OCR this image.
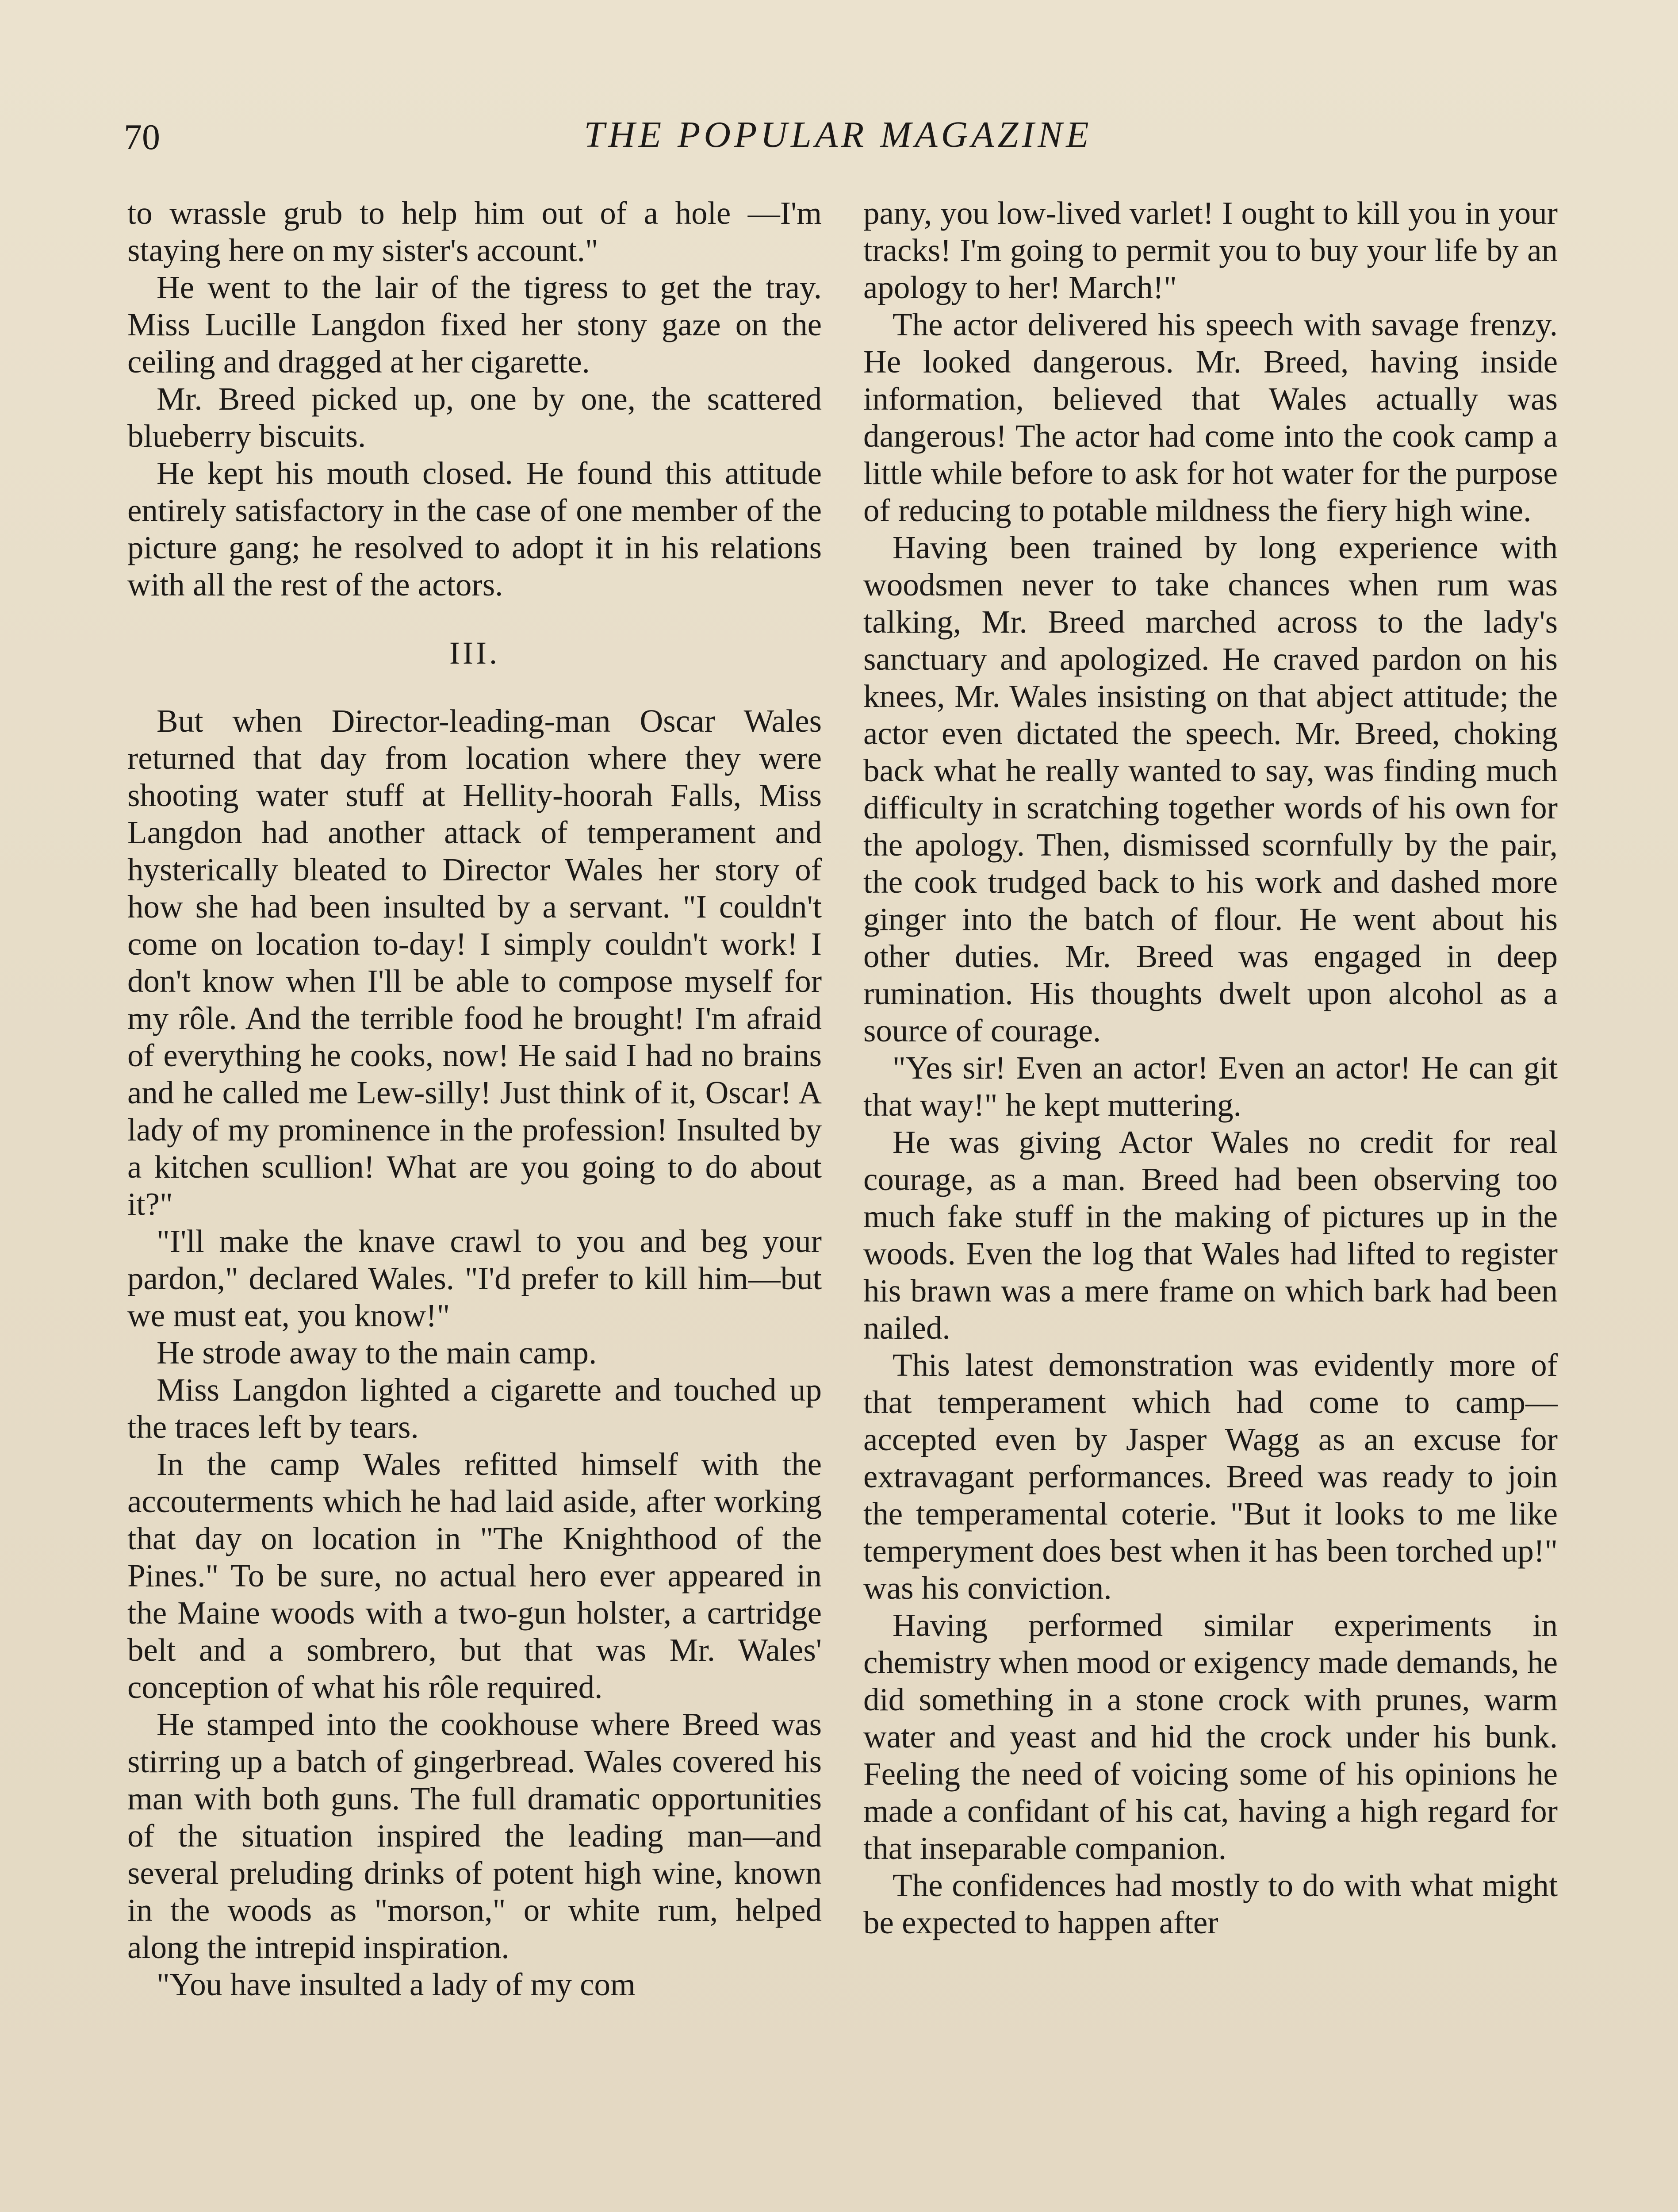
70	THE POPULAR MAGAZINE

to wrassle grub to help him out of a hole —I'm staying here on my sister's account."

He went to the lair of the tigress to get the tray. Miss Lucille Langdon fixed her stony gaze on the ceiling and dragged at her cigarette.

Mr. Breed picked up, one by one, the scattered blueberry biscuits.

He kept his mouth closed. He found this attitude entirely satisfactory in the case of one member of the picture gang; he resolved to adopt it in his relations with all the rest of the actors.

III.

But when Director-leading-man Oscar Wales returned that day from location where they were shooting water stuff at Hellity-hoorah Falls, Miss Langdon had another attack of temperament and hysterically bleated to Director Wales her story of how she had been insulted by a servant. "I couldn't come on location to-day! I simply couldn't work! I don't know when I'll be able to compose myself for my rôle. And the terrible food he brought! I'm afraid of everything he cooks, now! He said I had no brains and he called me Lew-silly! Just think of it, Oscar! A lady of my prominence in the profession! Insulted by a kitchen scullion! What are you going to do about it?"

"I'll make the knave crawl to you and beg your pardon," declared Wales. "I'd prefer to kill him—but we must eat, you know!"

He strode away to the main camp.

Miss Langdon lighted a cigarette and touched up the traces left by tears.

In the camp Wales refitted himself with the accouterments which he had laid aside, after working that day on location in "The Knighthood of the Pines." To be sure, no actual hero ever appeared in the Maine woods with a two-gun holster, a cartridge belt and a sombrero, but that was Mr. Wales' conception of what his rôle required.

He stamped into the cookhouse where Breed was stirring up a batch of gingerbread. Wales covered his man with both guns. The full dramatic opportunities of the situation inspired the leading man—and several preluding drinks of potent high wine, known in the woods as "morson," or white rum, helped along the intrepid inspiration.

"You have insulted a lady of my com

pany, you low-lived varlet! I ought to kill you in your tracks! I'm going to permit you to buy your life by an apology to her! March!"

The actor delivered his speech with savage frenzy. He looked dangerous. Mr. Breed, having inside information, believed that Wales actually was dangerous! The actor had come into the cook camp a little while before to ask for hot water for the purpose of reducing to potable mildness the fiery high wine.

Having been trained by long experience with woodsmen never to take chances when rum was talking, Mr. Breed marched across to the lady's sanctuary and apologized. He craved pardon on his knees, Mr. Wales insisting on that abject attitude; the actor even dictated the speech. Mr. Breed, choking back what he really wanted to say, was finding much difficulty in scratching together words of his own for the apology. Then, dismissed scornfully by the pair, the cook trudged back to his work and dashed more ginger into the batch of flour. He went about his other duties. Mr. Breed was engaged in deep rumination. His thoughts dwelt upon alcohol as a source of courage.

"Yes sir! Even an actor! Even an actor! He can git that way!" he kept muttering.

He was giving Actor Wales no credit for real courage, as a man. Breed had been observing too much fake stuff in the making of pictures up in the woods. Even the log that Wales had lifted to register his brawn was a mere frame on which bark had been nailed.

This latest demonstration was evidently more of that temperament which had come to camp—accepted even by Jasper Wagg as an excuse for extravagant performances. Breed was ready to join the temperamental coterie. "But it looks to me like temperyment does best when it has been torched up!" was his conviction.

Having performed similar experiments in chemistry when mood or exigency made demands, he did something in a stone crock with prunes, warm water and yeast and hid the crock under his bunk. Feeling the need of voicing some of his opinions he made a confidant of his cat, having a high regard for that inseparable companion.

The confidences had mostly to do with what might be expected to happen after
